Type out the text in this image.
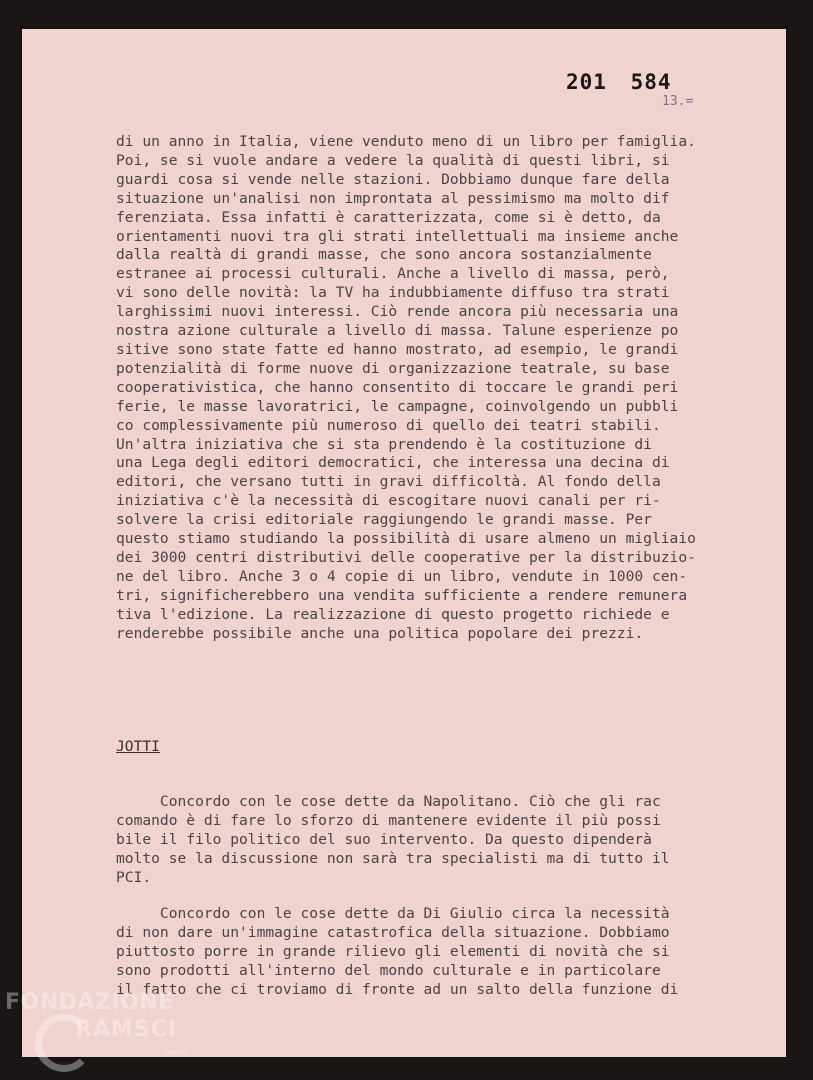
201 584
13.=
di un anno in Italia, viene venduto meno di un libro per famiglia.
Poi, se si vuole andare a vedere la qualità di questi libri, si
guardi cosa si vende nelle stazioni. Dobbiamo dunque fare della
situazione un'analisi non improntata al pessimismo ma molto dif
ferenziata. Essa infatti è caratterizzata, come si è detto, da
orientamenti nuovi tra gli strati intellettuali ma insieme anche
dalla realtà di grandi masse, che sono ancora sostanzialmente
estranee ai processi culturali. Anche a livello di massa, però,
vi sono delle novità: la TV ha indubbiamente diffuso tra strati
larghissimi nuovi interessi. Ciò rende ancora più necessaria una
nostra azione culturale a livello di massa. Talune esperienze po
sitive sono state fatte ed hanno mostrato, ad esempio, le grandi
potenzialità di forme nuove di organizzazione teatrale, su base
cooperativistica, che hanno consentito di toccare le grandi peri
ferie, le masse lavoratrici, le campagne, coinvolgendo un pubbli
co complessivamente più numeroso di quello dei teatri stabili.
Un'altra iniziativa che si sta prendendo è la costituzione di
una Lega degli editori democratici, che interessa una decina di
editori, che versano tutti in gravi difficoltà. Al fondo della
iniziativa c'è la necessità di escogitare nuovi canali per ri-
solvere la crisi editoriale raggiungendo le grandi masse. Per
questo stiamo studiando la possibilità di usare almeno un migliaio
dei 3000 centri distributivi delle cooperative per la distribuzio-
ne del libro. Anche 3 o 4 copie di un libro, vendute in 1000 cen-
tri, significherebbero una vendita sufficiente a rendere remunera
tiva l'edizione. La realizzazione di questo progetto richiede e
renderebbe possibile anche una politica popolare dei prezzi.
JOTTI
Concordo con le cose dette da Napolitano. Ciò che gli rac
comando è di fare lo sforzo di mantenere evidente il più possi
bile il filo politico del suo intervento. Da questo dipenderà
molto se la discussione non sarà tra specialisti ma di tutto il
PCI.
Concordo con le cose dette da Di Giulio circa la necessità
di non dare un'immagine catastrofica della situazione. Dobbiamo
piuttosto porre in grande rilievo gli elementi di novità che si
sono prodotti all'interno del mondo culturale e in particolare
il fatto che ci troviamo di fronte ad un salto della funzione di
FONDAZIONE
RAMSCI
onlus
